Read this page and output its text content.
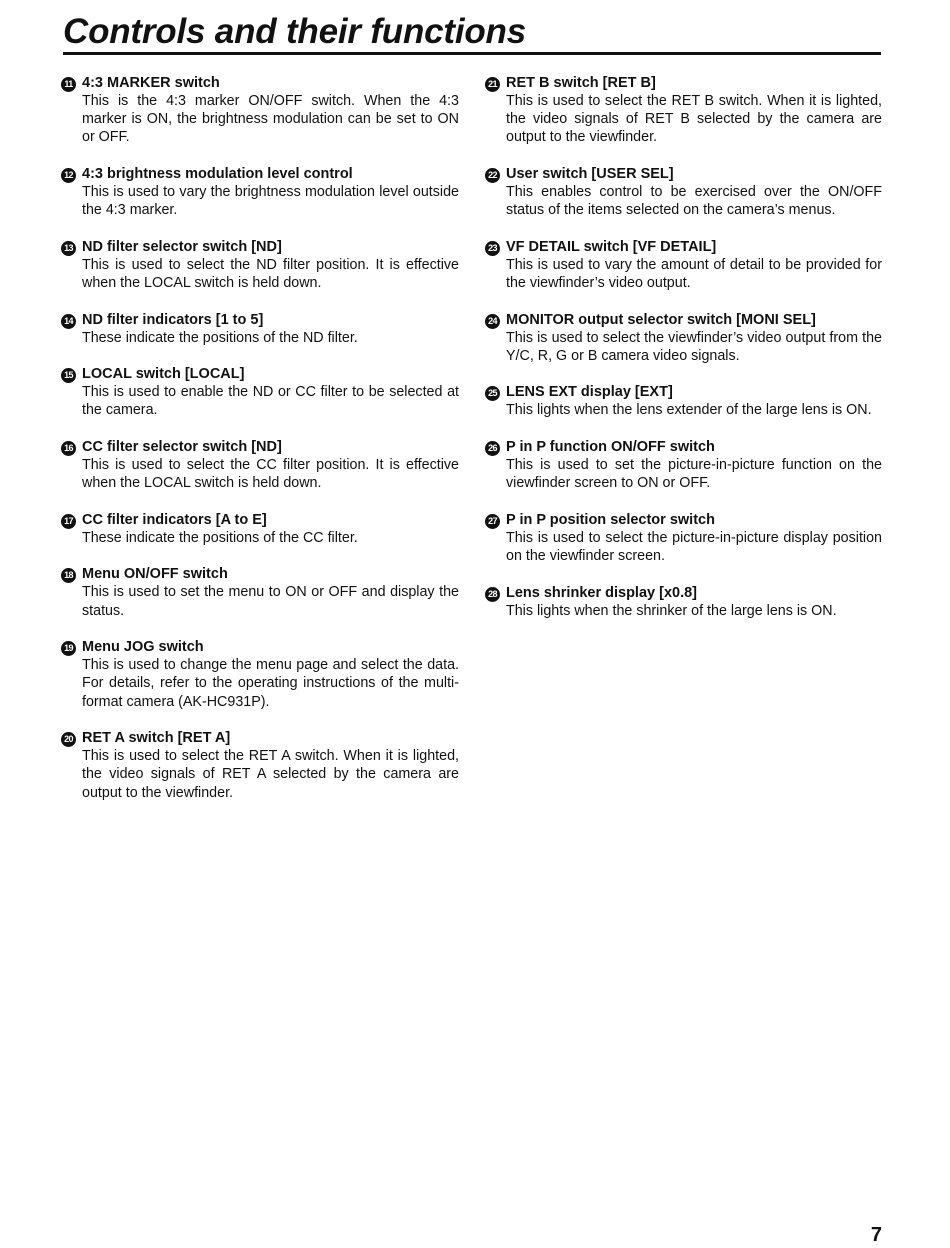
Controls and their functions
11 4:3 MARKER switch
This is the 4:3 marker ON/OFF switch. When the 4:3 marker is ON, the brightness modulation can be set to ON or OFF.
12 4:3 brightness modulation level control
This is used to vary the brightness modulation level outside the 4:3 marker.
13 ND filter selector switch [ND]
This is used to select the ND filter position. It is effective when the LOCAL switch is held down.
14 ND filter indicators [1 to 5]
These indicate the positions of the ND filter.
15 LOCAL switch [LOCAL]
This is used to enable the ND or CC filter to be selected at the camera.
16 CC filter selector switch [ND]
This is used to select the CC filter position. It is effective when the LOCAL switch is held down.
17 CC filter indicators [A to E]
These indicate the positions of the CC filter.
18 Menu ON/OFF switch
This is used to set the menu to ON or OFF and display the status.
19 Menu JOG switch
This is used to change the menu page and select the data. For details, refer to the operating instructions of the multi-format camera (AK-HC931P).
20 RET A switch [RET A]
This is used to select the RET A switch. When it is lighted, the video signals of RET A selected by the camera are output to the viewfinder.
21 RET B switch [RET B]
This is used to select the RET B switch. When it is lighted, the video signals of RET B selected by the camera are output to the viewfinder.
22 User switch [USER SEL]
This enables control to be exercised over the ON/OFF status of the items selected on the camera’s menus.
23 VF DETAIL switch [VF DETAIL]
This is used to vary the amount of detail to be provided for the viewfinder’s video output.
24 MONITOR output selector switch [MONI SEL]
This is used to select the viewfinder’s video output from the Y/C, R, G or B camera video signals.
25 LENS EXT display [EXT]
This lights when the lens extender of the large lens is ON.
26 P in P function ON/OFF switch
This is used to set the picture-in-picture function on the viewfinder screen to ON or OFF.
27 P in P position selector switch
This is used to select the picture-in-picture display position on the viewfinder screen.
28 Lens shrinker display [x0.8]
This lights when the shrinker of the large lens is ON.
7
